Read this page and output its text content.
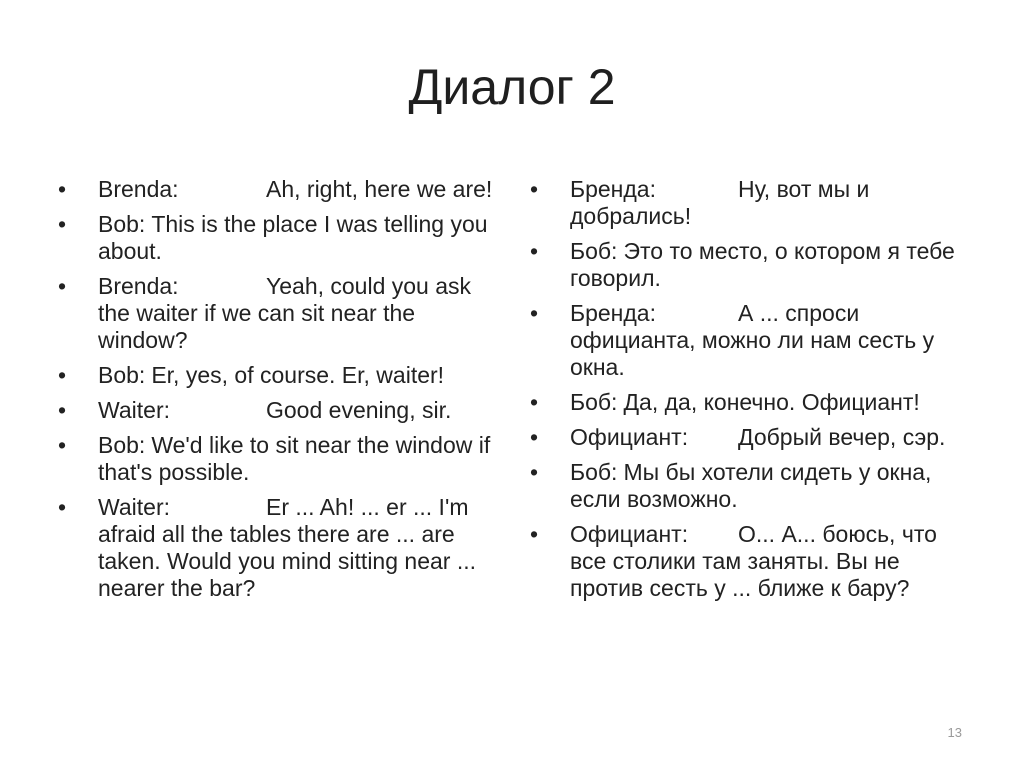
Диалог 2
•	Brenda:	Ah, right, here we are!
•	Bob: This is the place I was telling you about.
•	Brenda:	Yeah, could you ask the waiter if we can sit near the window?
•	Bob: Er, yes, of course. Er, waiter!
•	Waiter:	Good evening, sir.
•	Bob: We'd like to sit near the window if that's possible.
•	Waiter:	Er ... Ah! ... er ... I'm afraid all the tables there are ... are taken. Would you mind sitting near ... nearer the bar?
•	Бренда:	Ну, вот мы и добрались!
•	Боб: Это то место, о котором я тебе говорил.
•	Бренда:	А ... спроси официанта, можно ли нам сесть у окна.
•	Боб: Да, да, конечно. Официант!
•	Официант: Добрый вечер, сэр.
•	Боб: Мы бы хотели сидеть у окна, если возможно.
•	Официант: О... А... боюсь, что все столики там заняты. Вы не против сесть у ... ближе к бару?
13
